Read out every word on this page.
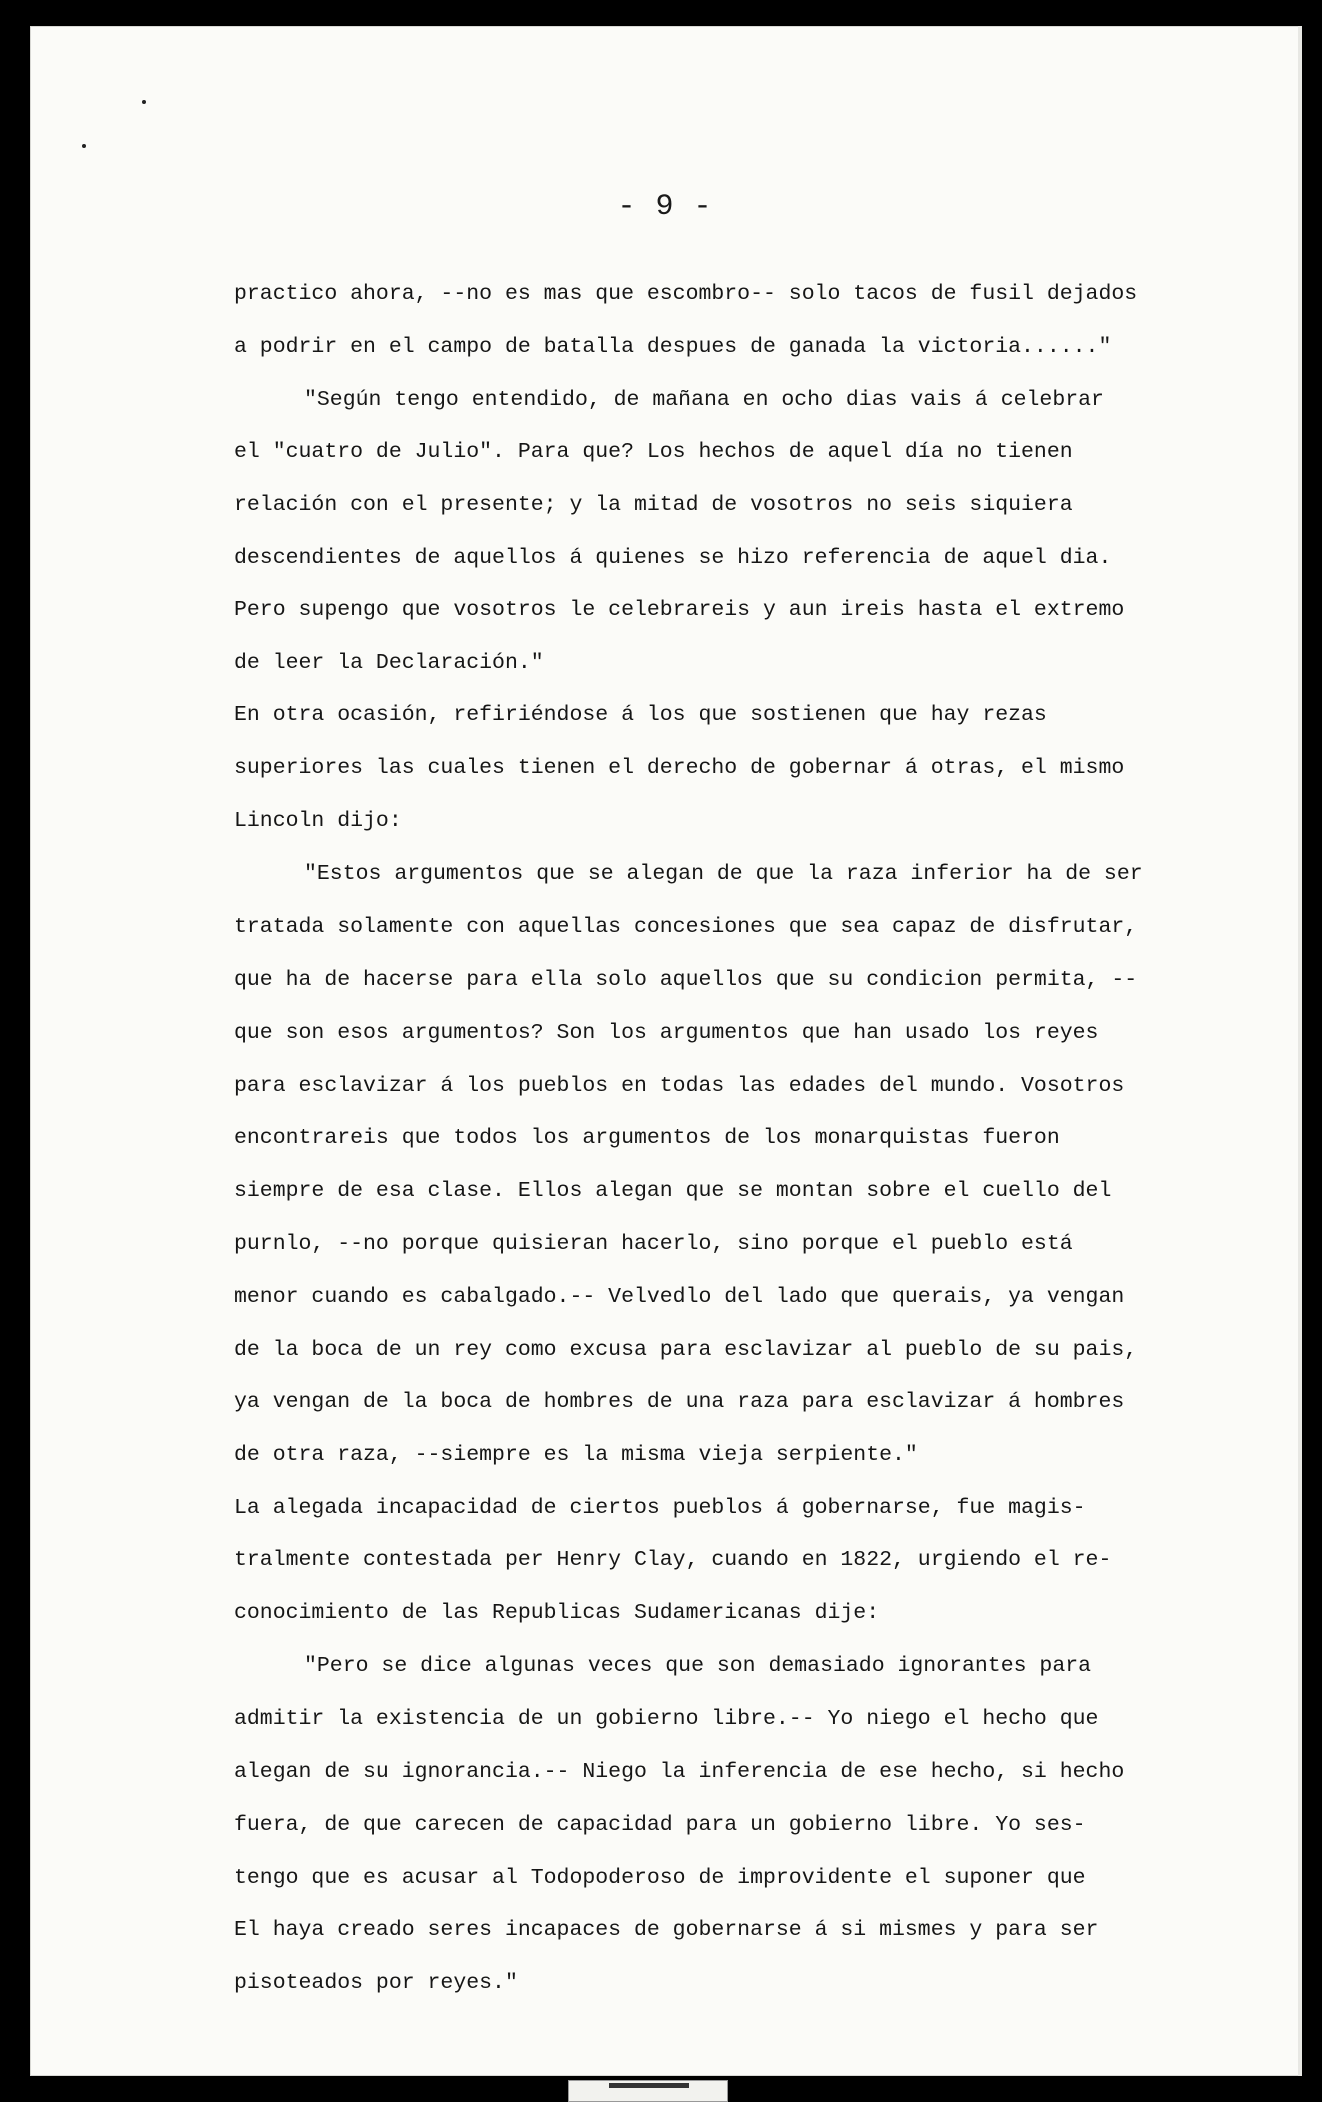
- 9 -
practico ahora, --no es mas que escombro-- solo tacos de fusil dejados
a podrir en el campo de batalla despues de ganada la victoria......"
"Según tengo entendido, de mañana en ocho dias vais á celebrar
el "cuatro de Julio". Para que? Los hechos de aquel día no tienen
relación con el presente; y la mitad de vosotros no seis siquiera
descendientes de aquellos á quienes se hizo referencia de aquel dia.
Pero supengo que vosotros le celebrareis y aun ireis hasta el extremo
de leer la Declaración."
En otra ocasión, refiriéndose á los que sostienen que hay rezas
superiores las cuales tienen el derecho de gobernar á otras, el mismo
Lincoln dijo:
"Estos argumentos que se alegan de que la raza inferior ha de ser
tratada solamente con aquellas concesiones que sea capaz de disfrutar,
que ha de hacerse para ella solo aquellos que su condicion permita, --
que son esos argumentos? Son los argumentos que han usado los reyes
para esclavizar á los pueblos en todas las edades del mundo. Vosotros
encontrareis que todos los argumentos de los monarquistas fueron
siempre de esa clase. Ellos alegan que se montan sobre el cuello del
purnlo, --no porque quisieran hacerlo, sino porque el pueblo está
menor cuando es cabalgado.-- Velvedlo del lado que querais, ya vengan
de la boca de un rey como excusa para esclavizar al pueblo de su pais,
ya vengan de la boca de hombres de una raza para esclavizar á hombres
de otra raza, --siempre es la misma vieja serpiente."
La alegada incapacidad de ciertos pueblos á gobernarse, fue magis-
tralmente contestada per Henry Clay, cuando en 1822, urgiendo el re-
conocimiento de las Republicas Sudamericanas dije:
"Pero se dice algunas veces que son demasiado ignorantes para
admitir la existencia de un gobierno libre.-- Yo niego el hecho que
alegan de su ignorancia.-- Niego la inferencia de ese hecho, si hecho
fuera, de que carecen de capacidad para un gobierno libre. Yo ses-
tengo que es acusar al Todopoderoso de improvidente el suponer que
El haya creado seres incapaces de gobernarse á si mismes y para ser
pisoteados por reyes."
